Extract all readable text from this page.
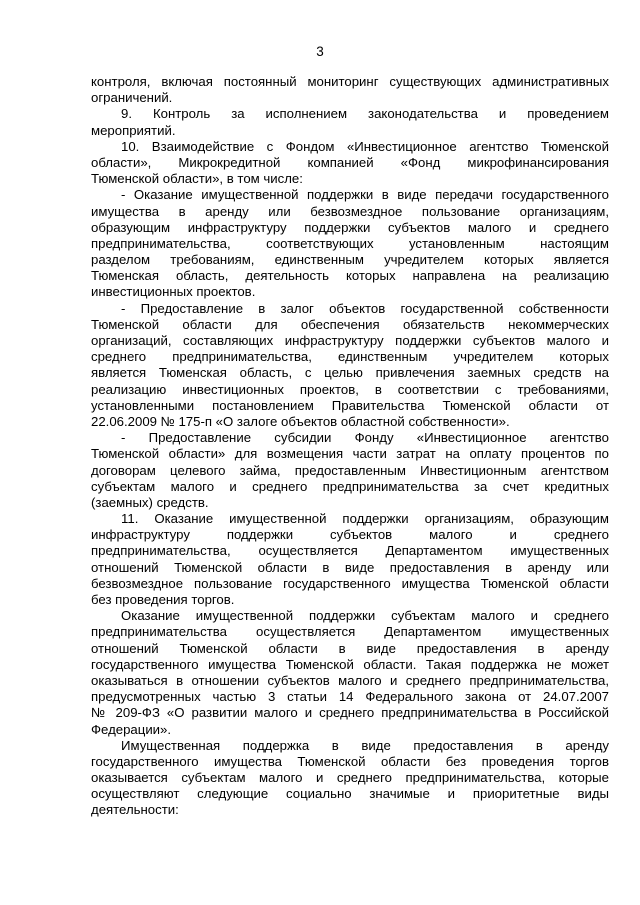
3
контроля, включая постоянный мониторинг существующих административных
ограничений.
9. Контроль за исполнением законодательства и проведением
мероприятий.
10. Взаимодействие с Фондом «Инвестиционное агентство Тюменской
области», Микрокредитной компанией «Фонд микрофинансирования
Тюменской области», в том числе:
- Оказание имущественной поддержки в виде передачи государственного
имущества в аренду или безвозмездное пользование организациям,
образующим инфраструктуру поддержки субъектов малого и среднего
предпринимательства, соответствующих установленным настоящим
разделом требованиям, единственным учредителем которых является
Тюменская область, деятельность которых направлена на реализацию
инвестиционных проектов.
- Предоставление в залог объектов государственной собственности
Тюменской области для обеспечения обязательств некоммерческих
организаций, составляющих инфраструктуру поддержки субъектов малого и
среднего предпринимательства, единственным учредителем которых
является Тюменская область, с целью привлечения заемных средств на
реализацию инвестиционных проектов, в соответствии с требованиями,
установленными постановлением Правительства Тюменской области от
22.06.2009 № 175-п «О залоге объектов областной собственности».
- Предоставление субсидии Фонду «Инвестиционное агентство
Тюменской области» для возмещения части затрат на оплату процентов по
договорам целевого займа, предоставленным Инвестиционным агентством
субъектам малого и среднего предпринимательства за счет кредитных
(заемных) средств.
11. Оказание имущественной поддержки организациям, образующим
инфраструктуру поддержки субъектов малого и среднего
предпринимательства, осуществляется Департаментом имущественных
отношений Тюменской области в виде предоставления в аренду или
безвозмездное пользование государственного имущества Тюменской области
без проведения торгов.
Оказание имущественной поддержки субъектам малого и среднего
предпринимательства осуществляется Департаментом имущественных
отношений Тюменской области в виде предоставления в аренду
государственного имущества Тюменской области. Такая поддержка не может
оказываться в отношении субъектов малого и среднего предпринимательства,
предусмотренных частью 3 статьи 14 Федерального закона от 24.07.2007
№ 209-ФЗ «О развитии малого и среднего предпринимательства в Российской
Федерации».
Имущественная поддержка в виде предоставления в аренду
государственного имущества Тюменской области без проведения торгов
оказывается субъектам малого и среднего предпринимательства, которые
осуществляют следующие социально значимые и приоритетные виды
деятельности:
